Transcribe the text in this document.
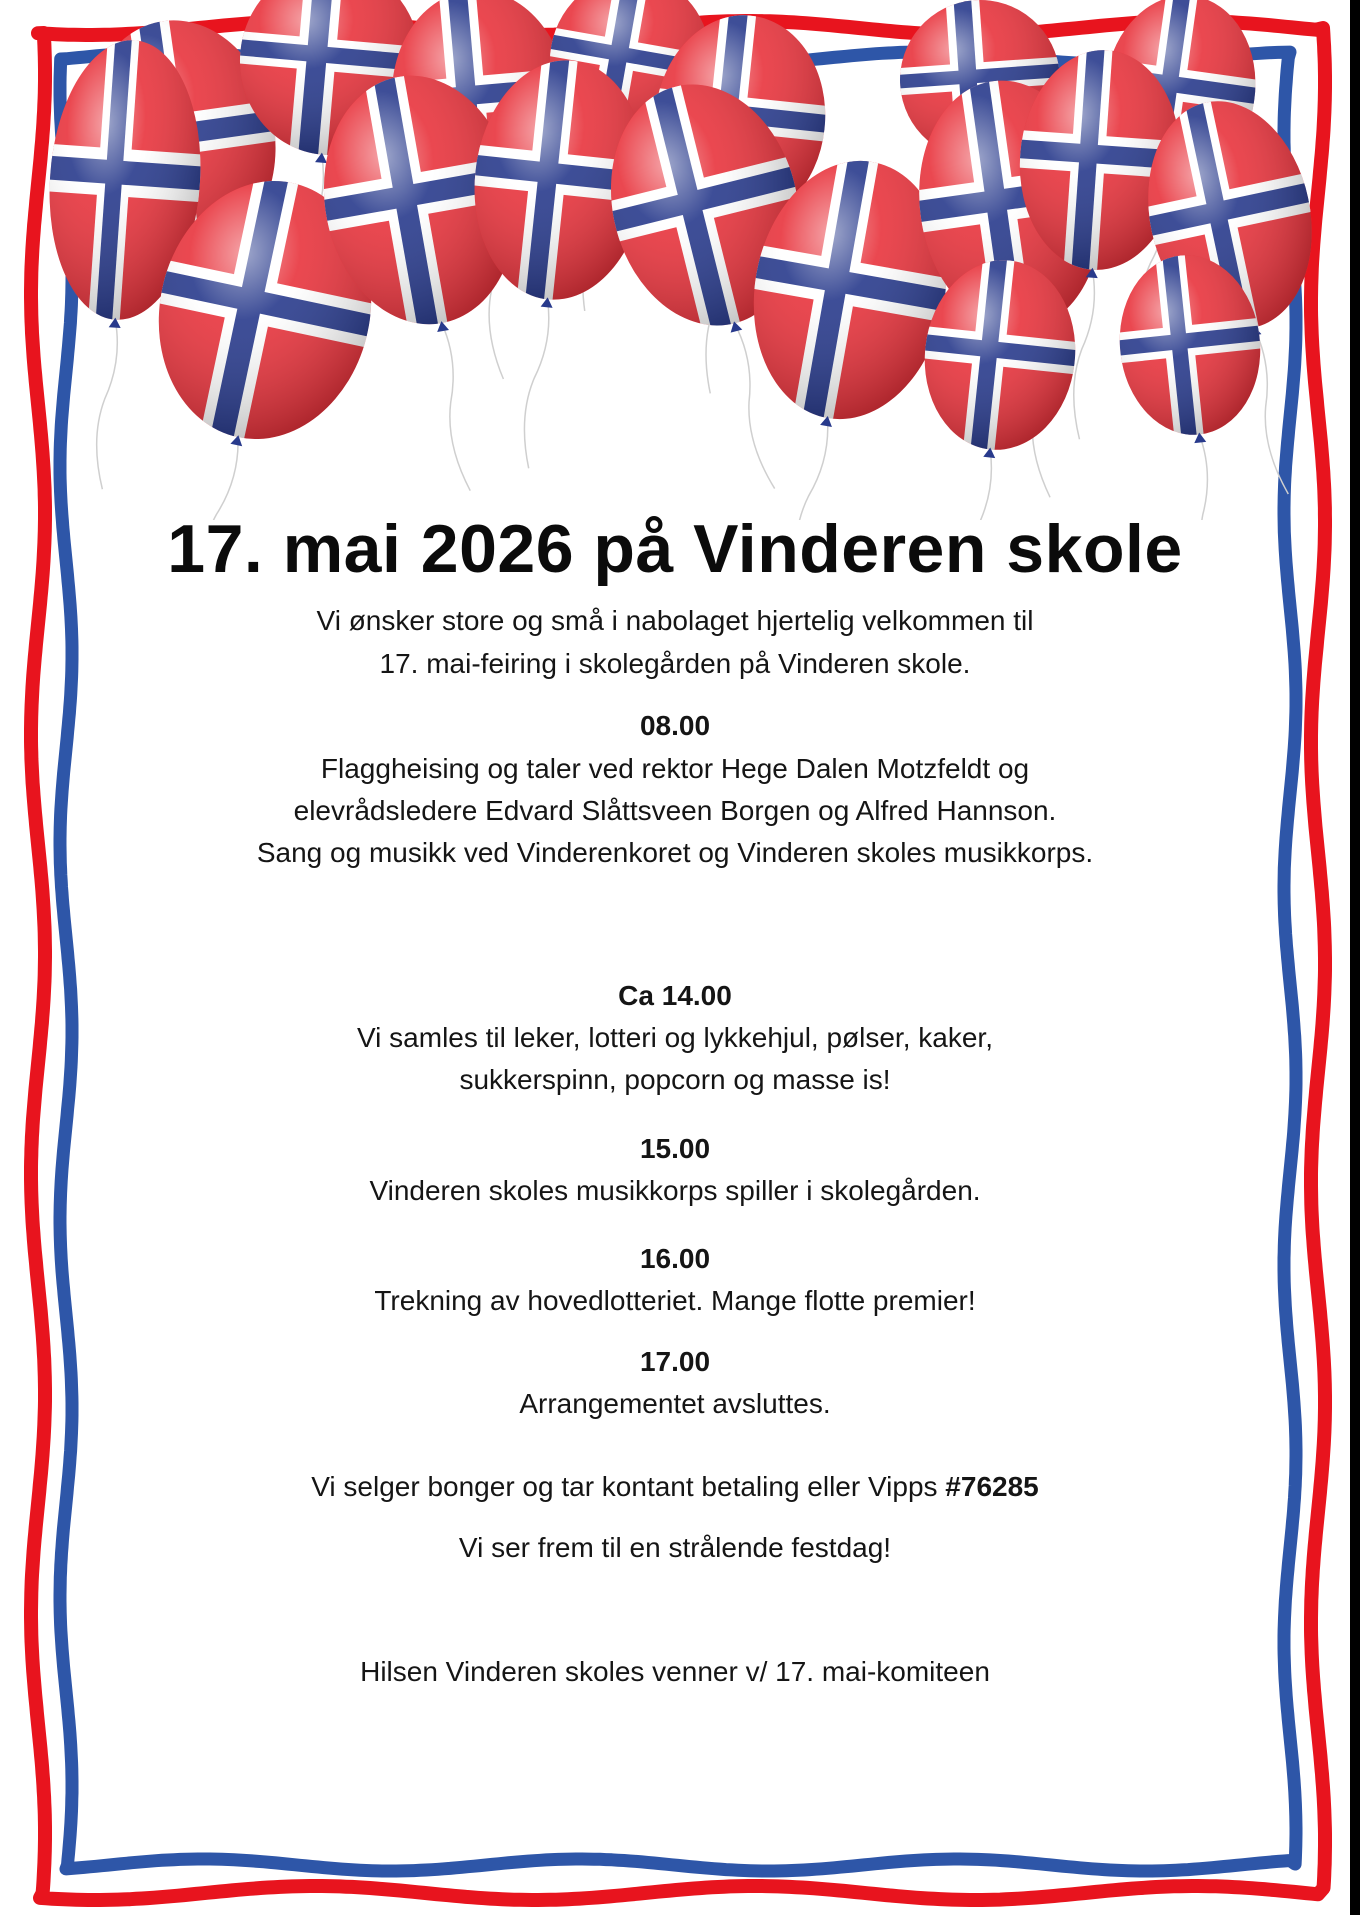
17. mai 2026 på Vinderen skole
Vi ønsker store og små i nabolaget hjertelig velkommen til
17. mai-feiring i skolegården på Vinderen skole.
08.00
Flaggheising og taler ved rektor Hege Dalen Motzfeldt og
elevrådsledere Edvard Slåttsveen Borgen og Alfred Hannson.
Sang og musikk ved Vinderenkoret og Vinderen skoles musikkorps.
Ca 14.00
Vi samles til leker, lotteri og lykkehjul, pølser, kaker,
sukkerspinn, popcorn og masse is!
15.00
Vinderen skoles musikkorps spiller i skolegården.
16.00
Trekning av hovedlotteriet. Mange flotte premier!
17.00
Arrangementet avsluttes.
Vi selger bonger og tar kontant betaling eller Vipps #76285
Vi ser frem til en strålende festdag!
Hilsen Vinderen skoles venner v/ 17. mai-komiteen
